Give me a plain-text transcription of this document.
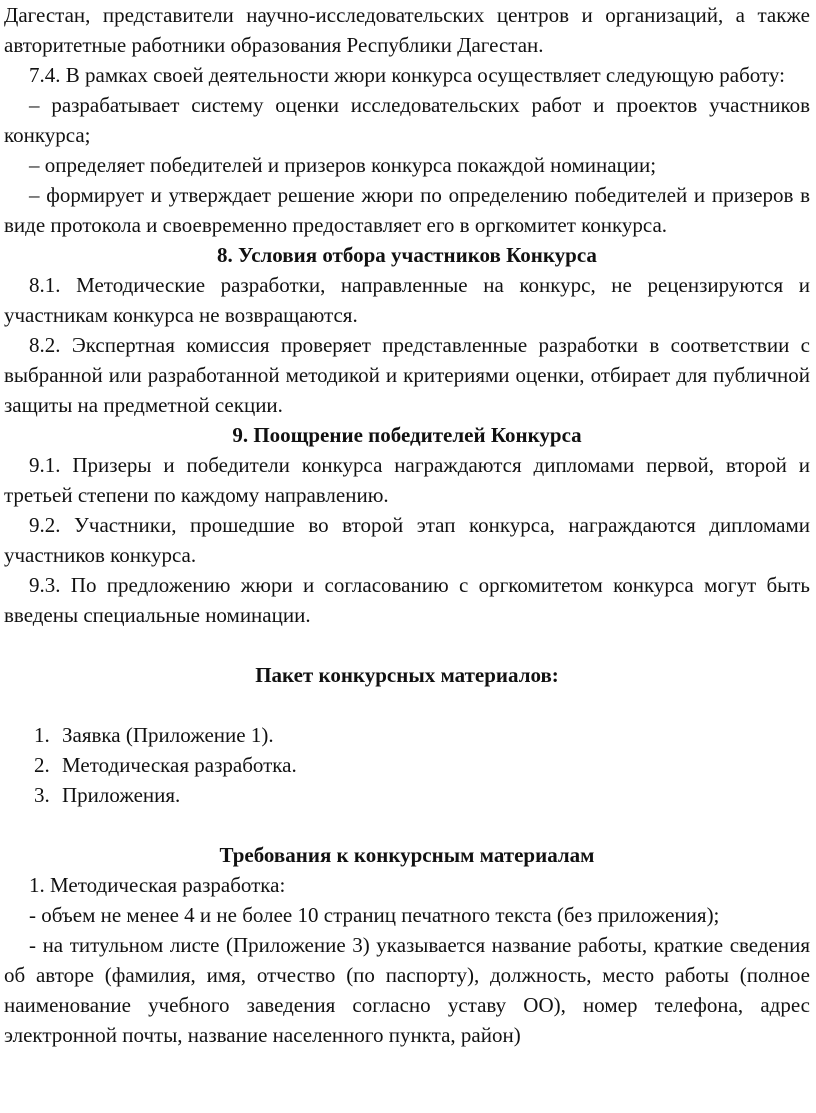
Дагестан, представители научно-исследовательских центров и организаций, а также авторитетные работники образования Республики Дагестан.

7.4. В рамках своей деятельности жюри конкурса осуществляет следующую работу:

– разрабатывает систему оценки исследовательских работ и проектов участников конкурса;

– определяет победителей и призеров конкурса покаждой номинации;

– формирует и утверждает решение жюри по определению победителей и призеров в виде протокола и своевременно предоставляет его в оргкомитет конкурса.

8. Условия отбора участников Конкурса

8.1. Методические разработки, направленные на конкурс, не рецензируются и участникам конкурса не возвращаются.

8.2. Экспертная комиссия проверяет представленные разработки в соответствии с выбранной или разработанной методикой и критериями оценки, отбирает для публичной защиты на предметной секции.

9. Поощрение победителей Конкурса

9.1. Призеры и победители конкурса награждаются дипломами первой, второй и третьей степени по каждому направлению.

9.2. Участники, прошедшие во второй этап конкурса, награждаются дипломами участников конкурса.

9.3. По предложению жюри и согласованию с оргкомитетом конкурса могут быть введены специальные номинации.

Пакет конкурсных материалов:

1. Заявка (Приложение 1).
2. Методическая разработка.
3. Приложения.

Требования к конкурсным материалам

1. Методическая разработка:

- объем не менее 4 и не более 10 страниц печатного текста (без приложения);

- на титульном листе (Приложение 3) указывается название работы, краткие сведения об авторе (фамилия, имя, отчество (по паспорту), должность, место работы (полное наименование учебного заведения согласно уставу ОО), номер телефона, адрес электронной почты, название населенного пункта, район)
